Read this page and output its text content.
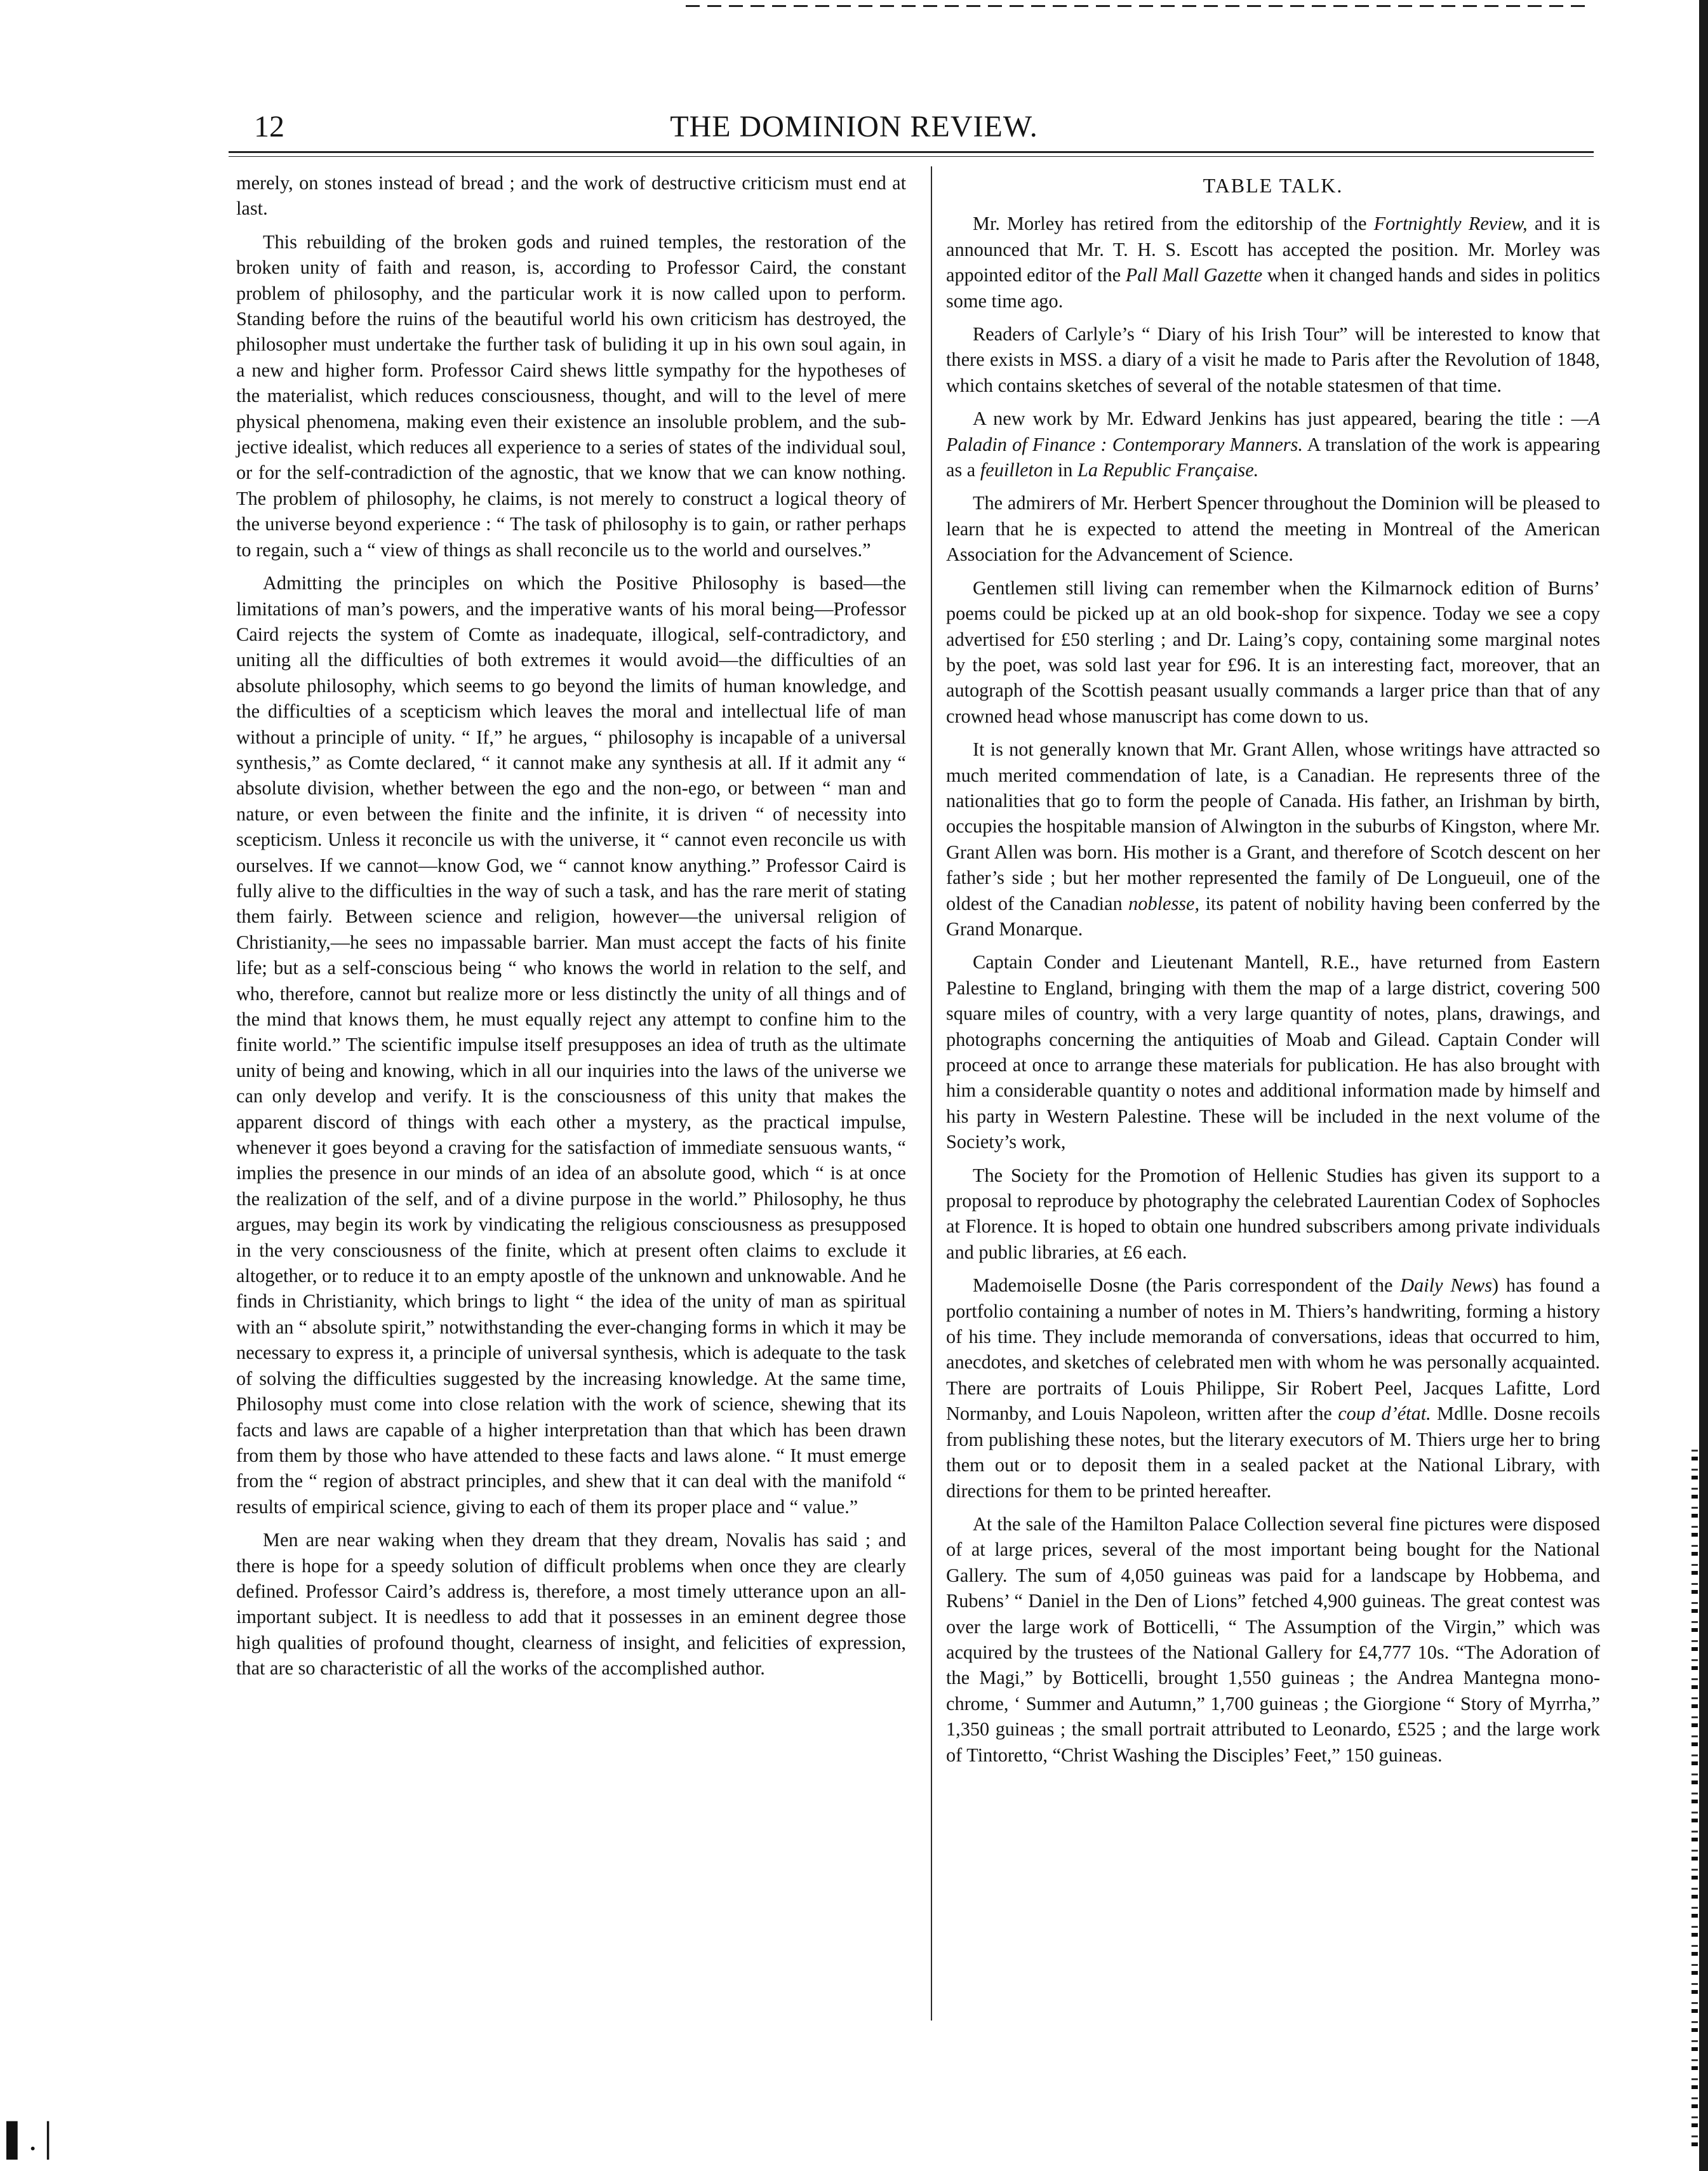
12	THE DOMINION REVIEW.

merely, on stones instead of bread ; and the work of destructive criticism must end at last.

This rebuilding of the broken gods and ruined temples, the restoration of the broken unity of faith and reason, is, according to Professor Caird, the constant problem of philosophy, and the particular work it is now called upon to perform. Standing before the ruins of the beautiful world his own criticism has destroyed, the philosopher must undertake the further task of buliding it up in his own soul again, in a new and higher form. Professor Caird shews little sympathy for the hypotheses of the materialist, which reduces consciousness, thought, and will to the level of mere physical phenomena, making even their existence an insoluble problem, and the subjective idealist, which reduces all experience to a series of states of the individual soul, or for the self-contradiction of the agnostic, that we know that we can know nothing. The problem of philosophy, he claims, is not merely to construct a logical theory of the universe beyond experience : “ The task of philosophy is to gain, or rather perhaps to regain, such a “ view of things as shall reconcile us to the world and ourselves.”

Admitting the principles on which the Positive Philosophy is based—the limitations of man’s powers, and the imperative wants of his moral being—Professor Caird rejects the system of Comte as inadequate, illogical, self-contradictory, and uniting all the difficulties of both extremes it would avoid—the difficulties of an absolute philosophy, which seems to go beyond the limits of human knowledge, and the difficulties of a scepticism which leaves the moral and intellectual life of man without a principle of unity. “ If,” he argues, “ philosophy is incapable of a universal synthesis,” as Comte declared, “ it cannot make any synthesis at all. If it admit any “ absolute division, whether between the ego and the non-ego, or between “ man and nature, or even between the finite and the infinite, it is driven “ of necessity into scepticism. Unless it reconcile us with the universe, it “ cannot even reconcile us with ourselves. If we cannot—know God, we “ cannot know anything.” Professor Caird is fully alive to the difficulties in the way of such a task, and has the rare merit of stating them fairly. Between science and religion, however—the universal religion of Christianity,—he sees no impassable barrier. Man must accept the facts of his finite life; but as a self-conscious being “ who knows the world in relation to the self, and who, therefore, cannot but realize more or less distinctly the unity of all things and of the mind that knows them, he must equally reject any attempt to confine him to the finite world.” The scientific impulse itself presupposes an idea of truth as the ultimate unity of being and knowing, which in all our inquiries into the laws of the universe we can only develop and verify. It is the consciousness of this unity that makes the apparent discord of things with each other a mystery, as the practical impulse, whenever it goes beyond a craving for the satisfaction of immediate sensuous wants, “ implies the presence in our minds of an idea of an absolute good, which “ is at once the realization of the self, and of a divine purpose in the world.” Philosophy, he thus argues, may begin its work by vindicating the religious consciousness as presupposed in the very consciousness of the finite, which at present often claims to exclude it altogether, or to reduce it to an empty apostle of the unknown and unknowable. And he finds in Christianity, which brings to light “ the idea of the unity of man as spiritual with an “ absolute spirit,” notwithstanding the ever-changing forms in which it may be necessary to express it, a principle of universal synthesis, which is adequate to the task of solving the difficulties suggested by the increasing knowledge. At the same time, Philosophy must come into close relation with the work of science, shewing that its facts and laws are capable of a higher interpretation than that which has been drawn from them by those who have attended to these facts and laws alone. “ It must emerge from the “ region of abstract principles, and shew that it can deal with the manifold “ results of empirical science, giving to each of them its proper place and “ value.”

Men are near waking when they dream that they dream, Novalis has said ; and there is hope for a speedy solution of difficult problems when once they are clearly defined. Professor Caird’s address is, therefore, a most timely utterance upon an all-important subject. It is needless to add that it possesses in an eminent degree those high qualities of profound thought, clearness of insight, and felicities of expression, that are so characteristic of all the works of the accomplished author.

TABLE TALK.

Mr. Morley has retired from the editorship of the Fortnightly Review, and it is announced that Mr. T. H. S. Escott has accepted the position. Mr. Morley was appointed editor of the Pall Mall Gazette when it changed hands and sides in politics some time ago.

Readers of Carlyle’s “ Diary of his Irish Tour” will be interested to know that there exists in MSS. a diary of a visit he made to Paris after the Revolution of 1848, which contains sketches of several of the notable statesmen of that time.

A new work by Mr. Edward Jenkins has just appeared, bearing the title : —A Paladin of Finance : Contemporary Manners. A translation of the work is appearing as a feuilleton in La Republic Française.

The admirers of Mr. Herbert Spencer throughout the Dominion will be pleased to learn that he is expected to attend the meeting in Montreal of the American Association for the Advancement of Science.

Gentlemen still living can remember when the Kilmarnock edition of Burns’ poems could be picked up at an old book-shop for sixpence. Today we see a copy advertised for £50 sterling ; and Dr. Laing’s copy, containing some marginal notes by the poet, was sold last year for £96. It is an interesting fact, moreover, that an autograph of the Scottish peasant usually commands a larger price than that of any crowned head whose manuscript has come down to us.

It is not generally known that Mr. Grant Allen, whose writings have attracted so much merited commendation of late, is a Canadian. He represents three of the nationalities that go to form the people of Canada. His father, an Irishman by birth, occupies the hospitable mansion of Alwington in the suburbs of Kingston, where Mr. Grant Allen was born. His mother is a Grant, and therefore of Scotch descent on her father’s side ; but her mother represented the family of De Longueuil, one of the oldest of the Canadian noblesse, its patent of nobility having been conferred by the Grand Monarque.

Captain Conder and Lieutenant Mantell, R.E., have returned from Eastern Palestine to England, bringing with them the map of a large district, covering 500 square miles of country, with a very large quantity of notes, plans, drawings, and photographs concerning the antiquities of Moab and Gilead. Captain Conder will proceed at once to arrange these materials for publication. He has also brought with him a considerable quantity o notes and additional information made by himself and his party in Western Palestine. These will be included in the next volume of the Society’s work,

The Society for the Promotion of Hellenic Studies has given its support to a proposal to reproduce by photography the celebrated Laurentian Codex of Sophocles at Florence. It is hoped to obtain one hundred subscribers among private individuals and public libraries, at £6 each.

Mademoiselle Dosne (the Paris correspondent of the Daily News) has found a portfolio containing a number of notes in M. Thiers’s handwriting, forming a history of his time. They include memoranda of conversations, ideas that occurred to him, anecdotes, and sketches of celebrated men with whom he was personally acquainted. There are portraits of Louis Philippe, Sir Robert Peel, Jacques Lafitte, Lord Normanby, and Louis Napoleon, written after the coup d’état. Mdlle. Dosne recoils from publishing these notes, but the literary executors of M. Thiers urge her to bring them out or to deposit them in a sealed packet at the National Library, with directions for them to be printed hereafter.

At the sale of the Hamilton Palace Collection several fine pictures were disposed of at large prices, several of the most important being bought for the National Gallery. The sum of 4,050 guineas was paid for a landscape by Hobbema, and Rubens’ “ Daniel in the Den of Lions” fetched 4,900 guineas. The great contest was over the large work of Botticelli, “ The Assumption of the Virgin,” which was acquired by the trustees of the National Gallery for £4,777 10s. “The Adoration of the Magi,” by Botticelli, brought 1,550 guineas ; the Andrea Mantegna mono-chrome, ‘ Summer and Autumn,” 1,700 guineas ; the Giorgione “ Story of Myrrha,” 1,350 guineas ; the small portrait attributed to Leonardo, £525 ; and the large work of Tintoretto, “Christ Washing the Disciples’ Feet,” 150 guineas.

▌.│
